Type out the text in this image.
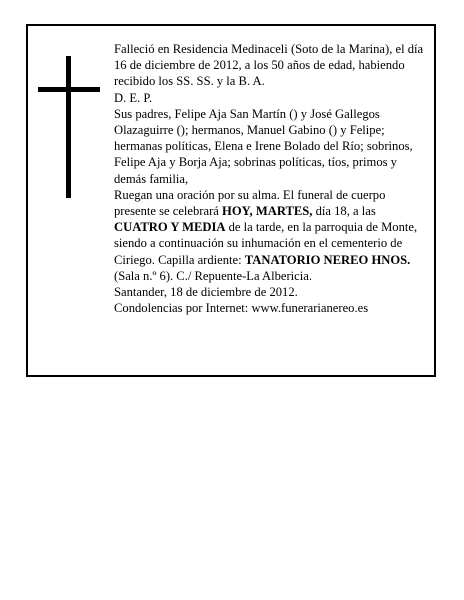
Falleció en Residencia Medinaceli (Soto de la Marina), el día 16 de diciembre de 2012, a los 50 años de edad, habiendo recibido los SS. SS. y la B. A.

D. E. P.

Sus padres, Felipe Aja San Martín () y José Gallegos Olazaguirre (); hermanos, Manuel Gabino () y Felipe; hermanas políticas, Elena e Irene Bolado del Río; sobrinos, Felipe Aja y Borja Aja; sobrinas políticas, tíos, primos y demás familia,

Ruegan una oración por su alma. El funeral de cuerpo presente se celebrará HOY, MARTES, día 18, a las CUATRO Y MEDIA de la tarde, en la parroquia de Monte, siendo a continuación su inhumación en el cementerio de Ciriego. Capilla ardiente: TANATORIO NEREO HNOS. (Sala n.º 6). C./ Repuente-La Albericia.

Santander, 18 de diciembre de 2012.

Condolencias por Internet: www.funerarianereo.es
